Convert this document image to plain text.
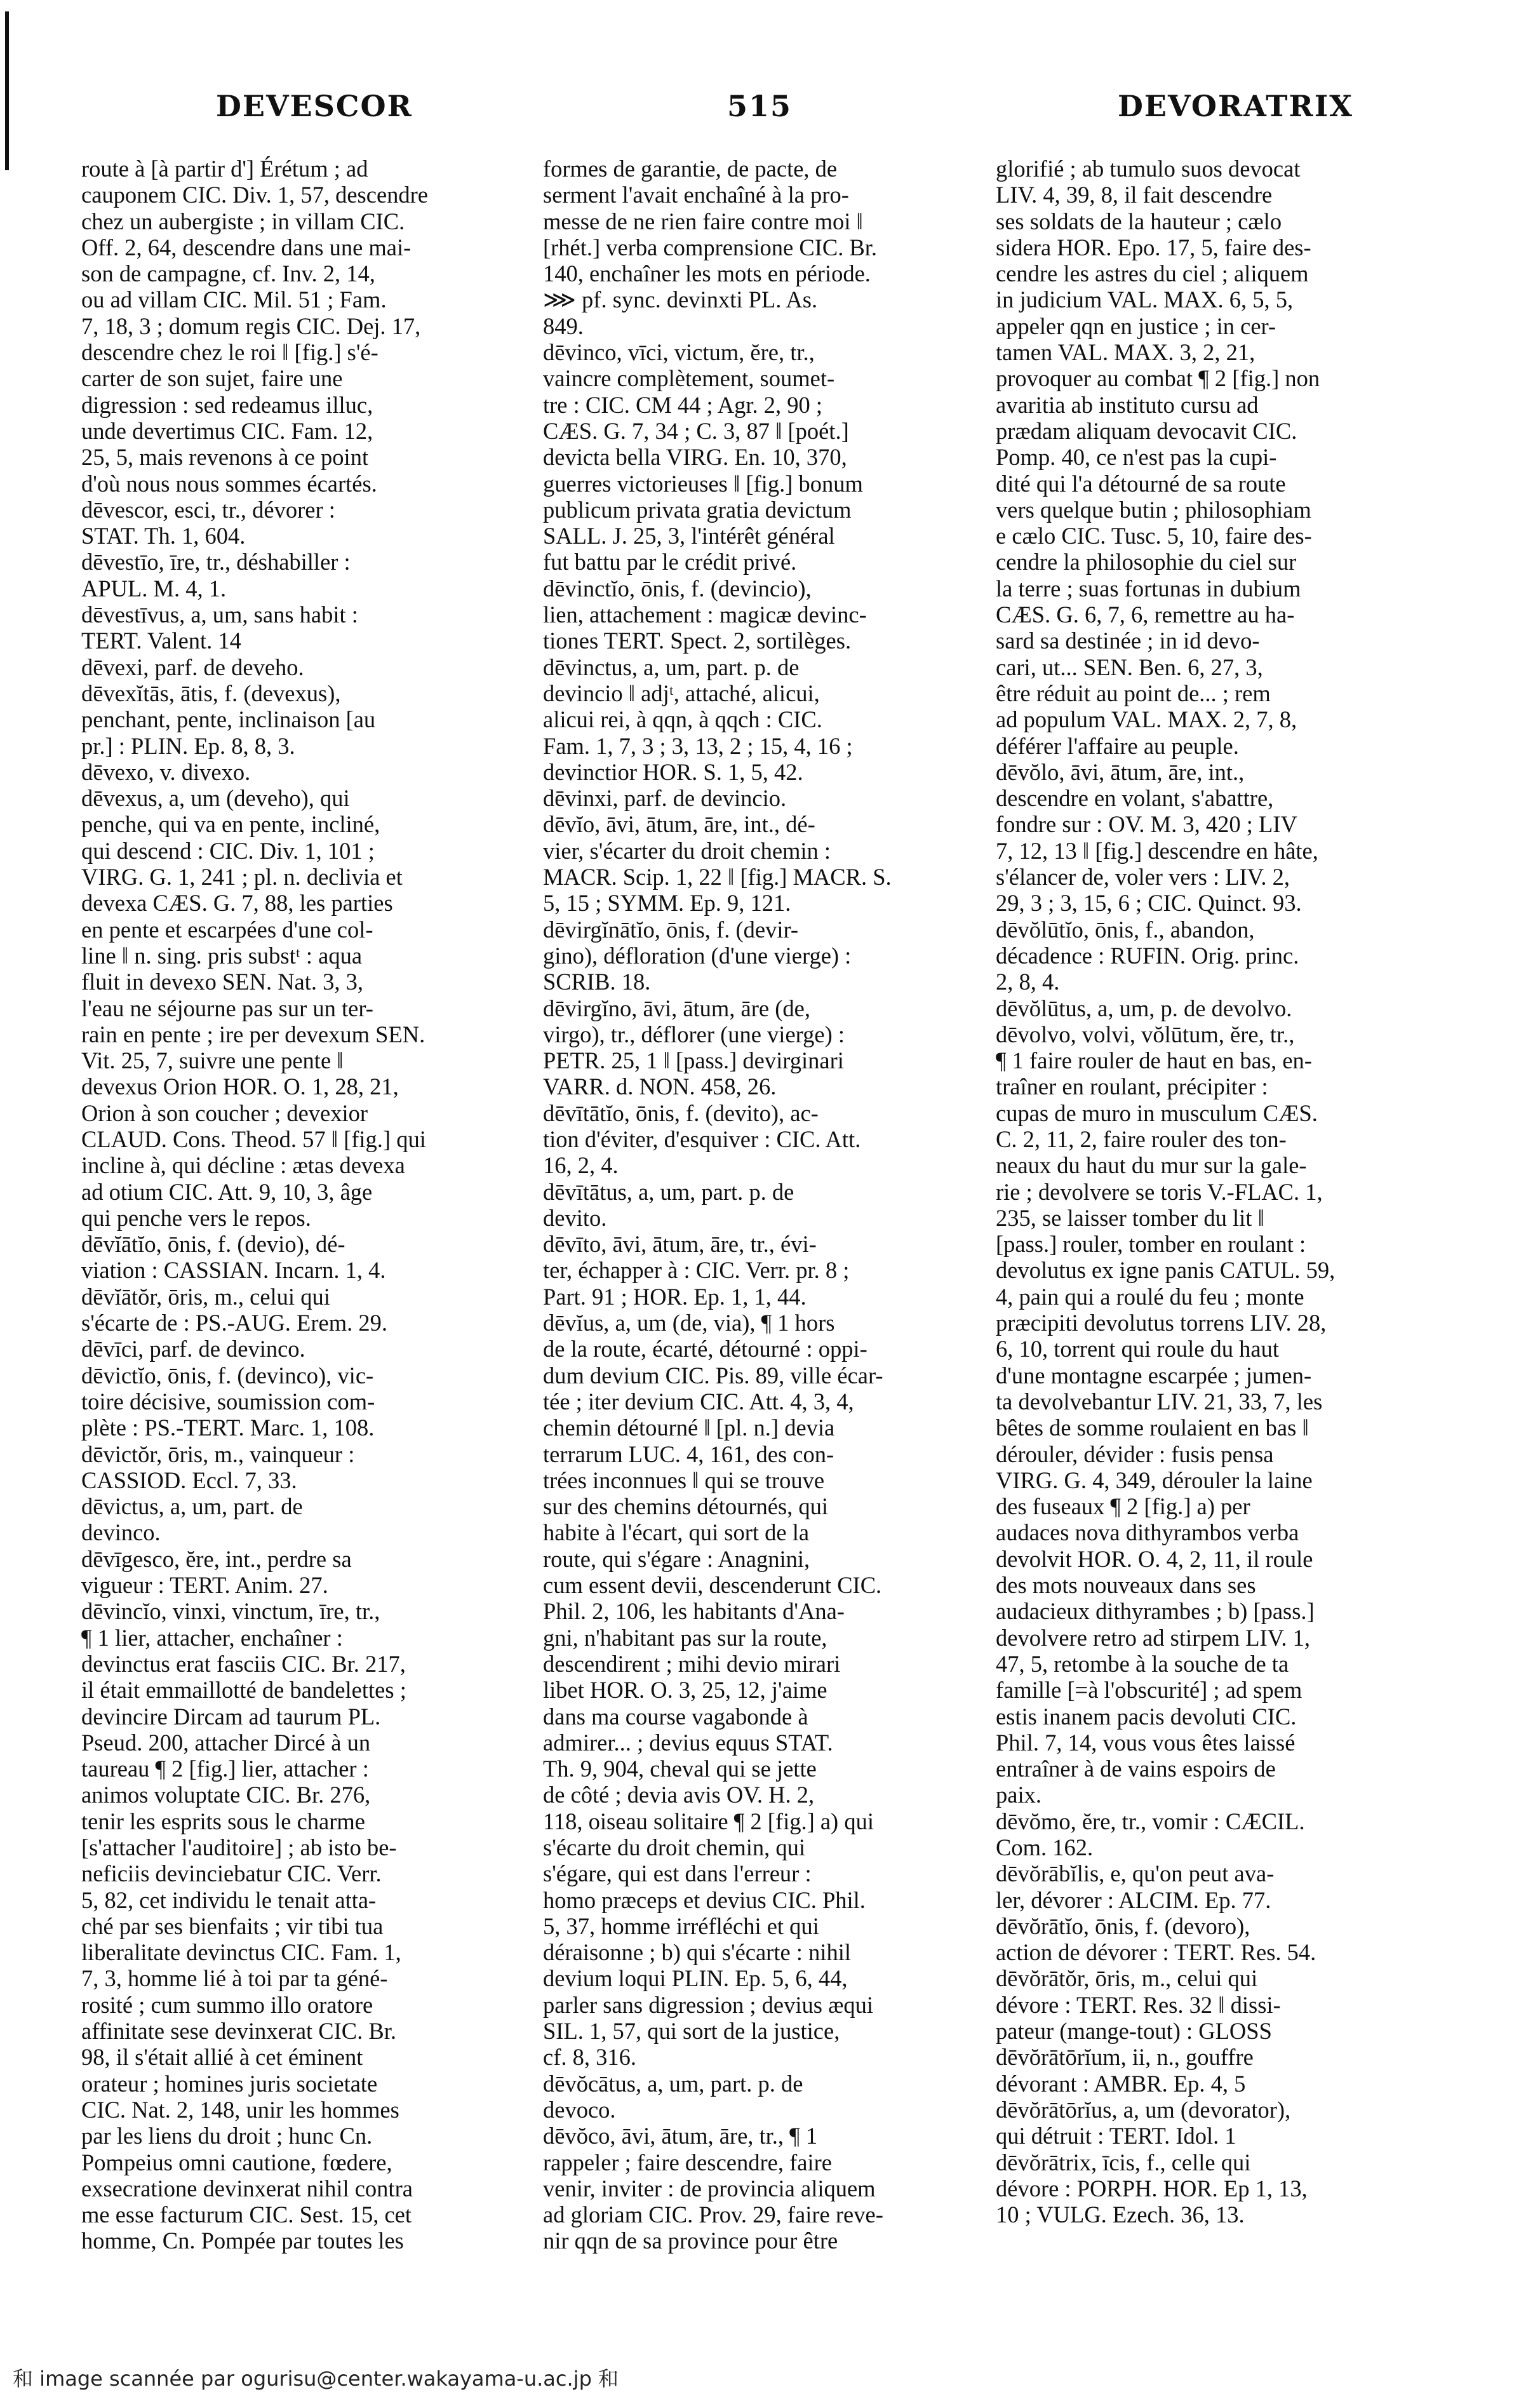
DEVESCOR	515	DEVORATRIX
route à [à partir d'] Érétum ; ad
cauponem CIC. Div. 1, 57, descendre
chez un aubergiste ; in villam CIC.
Off. 2, 64, descendre dans une mai-
son de campagne, cf. Inv. 2, 14,
ou ad villam CIC. Mil. 51 ; Fam.
7, 18, 3 ; domum regis CIC. Dej. 17,
descendre chez le roi ‖ [fig.] s'é-
carter de son sujet, faire une
digression : sed redeamus illuc,
unde devertimus CIC. Fam. 12,
25, 5, mais revenons à ce point
d'où nous nous sommes écartés.
dēvescor, esci, tr., dévorer :
STAT. Th. 1, 604.
dēvestīo, īre, tr., déshabiller :
APUL. M. 4, 1.
dēvestīvus, a, um, sans habit :
TERT. Valent. 14
dēvexi, parf. de deveho.
dēvexĭtās, ātis, f. (devexus),
penchant, pente, inclinaison [au
pr.] : PLIN. Ep. 8, 8, 3.
dēvexo, v. divexo.
dēvexus, a, um (deveho), qui
penche, qui va en pente, incliné,
qui descend : CIC. Div. 1, 101 ;
VIRG. G. 1, 241 ; pl. n. declivia et
devexa CÆS. G. 7, 88, les parties
en pente et escarpées d'une col-
line ‖ n. sing. pris substᵗ : aqua
fluit in devexo SEN. Nat. 3, 3,
l'eau ne séjourne pas sur un ter-
rain en pente ; ire per devexum SEN.
Vit. 25, 7, suivre une pente ‖
devexus Orion HOR. O. 1, 28, 21,
Orion à son coucher ; devexior
CLAUD. Cons. Theod. 57 ‖ [fig.] qui
incline à, qui décline : ætas devexa
ad otium CIC. Att. 9, 10, 3, âge
qui penche vers le repos.
dēvĭātĭo, ōnis, f. (devio), dé-
viation : CASSIAN. Incarn. 1, 4.
dēvĭātŏr, ōris, m., celui qui
s'écarte de : PS.-AUG. Erem. 29.
dēvīci, parf. de devinco.
dēvictĭo, ōnis, f. (devinco), vic-
toire décisive, soumission com-
plète : PS.-TERT. Marc. 1, 108.
dēvictŏr, ōris, m., vainqueur :
CASSIOD. Eccl. 7, 33.
dēvictus, a, um, part. de
devinco.
dēvīgesco, ĕre, int., perdre sa
vigueur : TERT. Anim. 27.
dēvincĭo, vinxi, vinctum, īre, tr.,
¶ 1 lier, attacher, enchaîner :
devinctus erat fasciis CIC. Br. 217,
il était emmaillotté de bandelettes ;
devincire Dircam ad taurum PL.
Pseud. 200, attacher Dircé à un
taureau ¶ 2 [fig.] lier, attacher :
animos voluptate CIC. Br. 276,
tenir les esprits sous le charme
[s'attacher l'auditoire] ; ab isto be-
neficiis devinciebatur CIC. Verr.
5, 82, cet individu le tenait atta-
ché par ses bienfaits ; vir tibi tua
liberalitate devinctus CIC. Fam. 1,
7, 3, homme lié à toi par ta géné-
rosité ; cum summo illo oratore
affinitate sese devinxerat CIC. Br.
98, il s'était allié à cet éminent
orateur ; homines juris societate
CIC. Nat. 2, 148, unir les hommes
par les liens du droit ; hunc Cn.
Pompeius omni cautione, fœdere,
exsecratione devinxerat nihil contra
me esse facturum CIC. Sest. 15, cet
homme, Cn. Pompée par toutes les
formes de garantie, de pacte, de
serment l'avait enchaîné à la pro-
messe de ne rien faire contre moi ‖
[rhét.] verba comprensione CIC. Br.
140, enchaîner les mots en période.
⋙ pf. sync. devinxti PL. As.
849.
dēvinco, vīci, victum, ĕre, tr.,
vaincre complètement, soumet-
tre : CIC. CM 44 ; Agr. 2, 90 ;
CÆS. G. 7, 34 ; C. 3, 87 ‖ [poét.]
devicta bella VIRG. En. 10, 370,
guerres victorieuses ‖ [fig.] bonum
publicum privata gratia devictum
SALL. J. 25, 3, l'intérêt général
fut battu par le crédit privé.
dēvinctĭo, ōnis, f. (devincio),
lien, attachement : magicæ devinc-
tiones TERT. Spect. 2, sortilèges.
dēvinctus, a, um, part. p. de
devincio ‖ adjᵗ, attaché, alicui,
alicui rei, à qqn, à qqch : CIC.
Fam. 1, 7, 3 ; 3, 13, 2 ; 15, 4, 16 ;
devinctior HOR. S. 1, 5, 42.
dēvinxi, parf. de devincio.
dēvĭo, āvi, ātum, āre, int., dé-
vier, s'écarter du droit chemin :
MACR. Scip. 1, 22 ‖ [fig.] MACR. S.
5, 15 ; SYMM. Ep. 9, 121.
dēvirgĭnātĭo, ōnis, f. (devir-
gino), défloration (d'une vierge) :
SCRIB. 18.
dēvirgĭno, āvi, ātum, āre (de,
virgo), tr., déflorer (une vierge) :
PETR. 25, 1 ‖ [pass.] devirginari
VARR. d. NON. 458, 26.
dēvītātĭo, ōnis, f. (devito), ac-
tion d'éviter, d'esquiver : CIC. Att.
16, 2, 4.
dēvītātus, a, um, part. p. de
devito.
dēvīto, āvi, ātum, āre, tr., évi-
ter, échapper à : CIC. Verr. pr. 8 ;
Part. 91 ; HOR. Ep. 1, 1, 44.
dēvĭus, a, um (de, via), ¶ 1 hors
de la route, écarté, détourné : oppi-
dum devium CIC. Pis. 89, ville écar-
tée ; iter devium CIC. Att. 4, 3, 4,
chemin détourné ‖ [pl. n.] devia
terrarum LUC. 4, 161, des con-
trées inconnues ‖ qui se trouve
sur des chemins détournés, qui
habite à l'écart, qui sort de la
route, qui s'égare : Anagnini,
cum essent devii, descenderunt CIC.
Phil. 2, 106, les habitants d'Ana-
gni, n'habitant pas sur la route,
descendirent ; mihi devio mirari
libet HOR. O. 3, 25, 12, j'aime
dans ma course vagabonde à
admirer... ; devius equus STAT.
Th. 9, 904, cheval qui se jette
de côté ; devia avis OV. H. 2,
118, oiseau solitaire ¶ 2 [fig.] a) qui
s'écarte du droit chemin, qui
s'égare, qui est dans l'erreur :
homo præceps et devius CIC. Phil.
5, 37, homme irréfléchi et qui
déraisonne ; b) qui s'écarte : nihil
devium loqui PLIN. Ep. 5, 6, 44,
parler sans digression ; devius æqui
SIL. 1, 57, qui sort de la justice,
cf. 8, 316.
dēvŏcātus, a, um, part. p. de
devoco.
dēvŏco, āvi, ātum, āre, tr., ¶ 1
rappeler ; faire descendre, faire
venir, inviter : de provincia aliquem
ad gloriam CIC. Prov. 29, faire reve-
nir qqn de sa province pour être
glorifié ; ab tumulo suos devocat
LIV. 4, 39, 8, il fait descendre
ses soldats de la hauteur ; cælo
sidera HOR. Epo. 17, 5, faire des-
cendre les astres du ciel ; aliquem
in judicium VAL. MAX. 6, 5, 5,
appeler qqn en justice ; in cer-
tamen VAL. MAX. 3, 2, 21,
provoquer au combat ¶ 2 [fig.] non
avaritia ab instituto cursu ad
prædam aliquam devocavit CIC.
Pomp. 40, ce n'est pas la cupi-
dité qui l'a détourné de sa route
vers quelque butin ; philosophiam
e cælo CIC. Tusc. 5, 10, faire des-
cendre la philosophie du ciel sur
la terre ; suas fortunas in dubium
CÆS. G. 6, 7, 6, remettre au ha-
sard sa destinée ; in id devo-
cari, ut... SEN. Ben. 6, 27, 3,
être réduit au point de... ; rem
ad populum VAL. MAX. 2, 7, 8,
déférer l'affaire au peuple.
dēvŏlo, āvi, ātum, āre, int.,
descendre en volant, s'abattre,
fondre sur : OV. M. 3, 420 ; LIV
7, 12, 13 ‖ [fig.] descendre en hâte,
s'élancer de, voler vers : LIV. 2,
29, 3 ; 3, 15, 6 ; CIC. Quinct. 93.
dēvŏlūtĭo, ōnis, f., abandon,
décadence : RUFIN. Orig. princ.
2, 8, 4.
dēvŏlūtus, a, um, p. de devolvo.
dēvolvo, volvi, vŏlūtum, ĕre, tr.,
¶ 1 faire rouler de haut en bas, en-
traîner en roulant, précipiter :
cupas de muro in musculum CÆS.
C. 2, 11, 2, faire rouler des ton-
neaux du haut du mur sur la gale-
rie ; devolvere se toris V.-FLAC. 1,
235, se laisser tomber du lit ‖
[pass.] rouler, tomber en roulant :
devolutus ex igne panis CATUL. 59,
4, pain qui a roulé du feu ; monte
præcipiti devolutus torrens LIV. 28,
6, 10, torrent qui roule du haut
d'une montagne escarpée ; jumen-
ta devolvebantur LIV. 21, 33, 7, les
bêtes de somme roulaient en bas ‖
dérouler, dévider : fusis pensa
VIRG. G. 4, 349, dérouler la laine
des fuseaux ¶ 2 [fig.] a) per
audaces nova dithyrambos verba
devolvit HOR. O. 4, 2, 11, il roule
des mots nouveaux dans ses
audacieux dithyrambes ; b) [pass.]
devolvere retro ad stirpem LIV. 1,
47, 5, retombe à la souche de ta
famille [=à l'obscurité] ; ad spem
estis inanem pacis devoluti CIC.
Phil. 7, 14, vous vous êtes laissé
entraîner à de vains espoirs de
paix.
dēvŏmo, ĕre, tr., vomir : CÆCIL.
Com. 162.
dēvŏrābĭlis, e, qu'on peut ava-
ler, dévorer : ALCIM. Ep. 77.
dēvŏrātĭo, ōnis, f. (devoro),
action de dévorer : TERT. Res. 54.
dēvŏrātŏr, ōris, m., celui qui
dévore : TERT. Res. 32 ‖ dissi-
pateur (mange-tout) : GLOSS
dēvŏrātōrĭum, ii, n., gouffre
dévorant : AMBR. Ep. 4, 5
dēvŏrātōrĭus, a, um (devorator),
qui détruit : TERT. Idol. 1
dēvŏrātrix, īcis, f., celle qui
dévore : PORPH. HOR. Ep 1, 13,
10 ; VULG. Ezech. 36, 13.
和 image scannée par ogurisu@center.wakayama-u.ac.jp 和
